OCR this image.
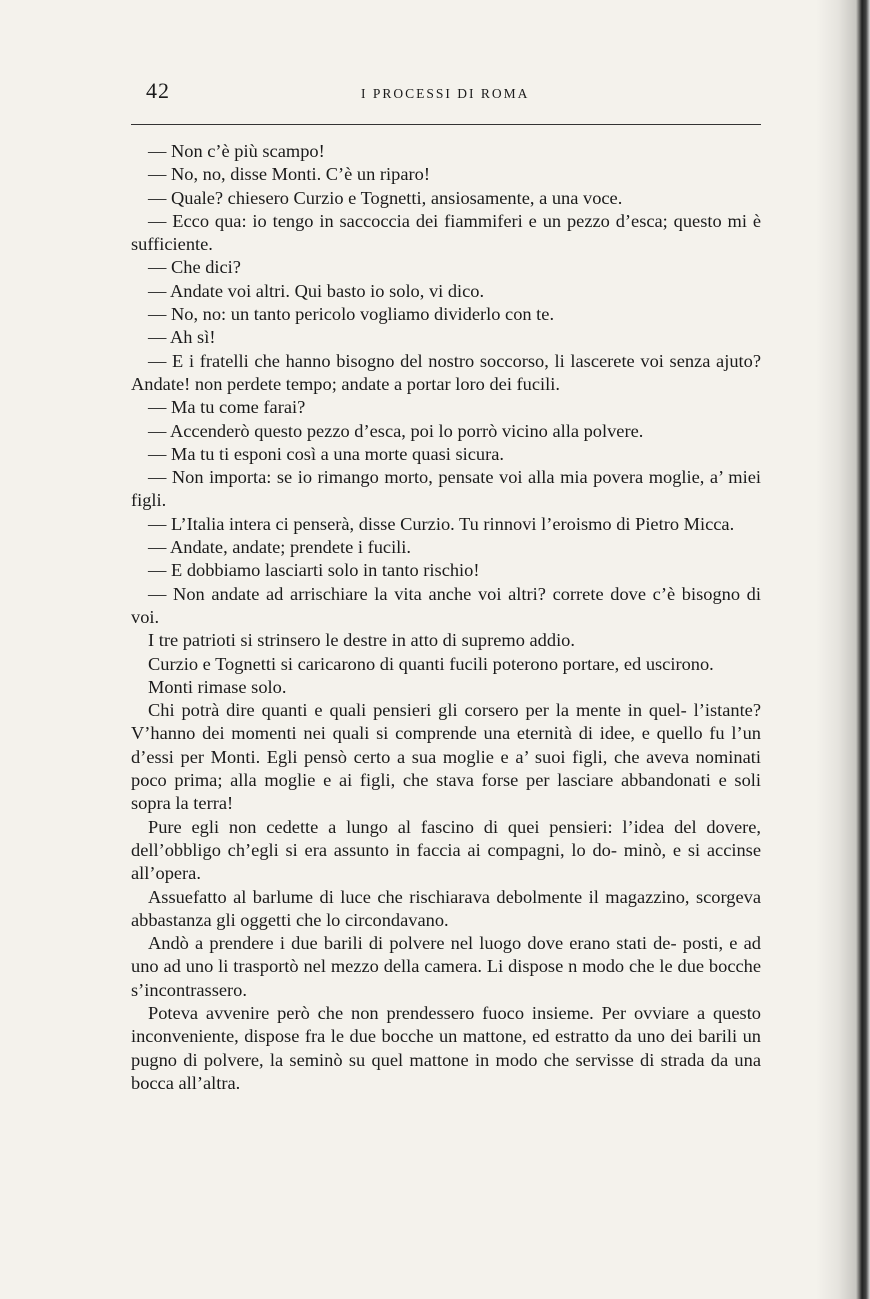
42	I PROCESSI DI ROMA

— Non c’è più scampo!

— No, no, disse Monti. C’è un riparo!

— Quale? chiesero Curzio e Tognetti, ansiosamente, a una voce.

— Ecco qua: io tengo in saccoccia dei fiammiferi e un pezzo d’esca; questo mi è sufficiente.

— Che dici?

— Andate voi altri. Qui basto io solo, vi dico.

— No, no: un tanto pericolo vogliamo dividerlo con te.

— Ah sì!

— E i fratelli che hanno bisogno del nostro soccorso, li lascerete voi senza ajuto? Andate! non perdete tempo; andate a portar loro dei fucili.

— Ma tu come farai?

— Accenderò questo pezzo d’esca, poi lo porrò vicino alla polvere.

— Ma tu ti esponi così a una morte quasi sicura.

— Non importa: se io rimango morto, pensate voi alla mia povera moglie, a’ miei figli.

— L’Italia intera ci penserà, disse Curzio. Tu rinnovi l’eroismo di Pietro Micca.

— Andate, andate; prendete i fucili.

— E dobbiamo lasciarti solo in tanto rischio!

— Non andate ad arrischiare la vita anche voi altri? correte dove c’è bisogno di voi.

I tre patrioti si strinsero le destre in atto di supremo addio.

Curzio e Tognetti si caricarono di quanti fucili poterono portare, ed uscirono.

Monti rimase solo.

Chi potrà dire quanti e quali pensieri gli corsero per la mente in quel- l’istante? V’hanno dei momenti nei quali si comprende una eternità di idee, e quello fu l’un d’essi per Monti. Egli pensò certo a sua moglie e a’ suoi figli, che aveva nominati poco prima; alla moglie e ai figli, che stava forse per lasciare abbandonati e soli sopra la terra!

Pure egli non cedette a lungo al fascino di quei pensieri: l’idea del dovere, dell’obbligo ch’egli si era assunto in faccia ai compagni, lo do- minò, e si accinse all’opera.

Assuefatto al barlume di luce che rischiarava debolmente il magazzino, scorgeva abbastanza gli oggetti che lo circondavano.

Andò a prendere i due barili di polvere nel luogo dove erano stati de- posti, e ad uno ad uno li trasportò nel mezzo della camera. Li dispose n modo che le due bocche s’incontrassero.

Poteva avvenire però che non prendessero fuoco insieme. Per ovviare a questo inconveniente, dispose fra le due bocche un mattone, ed estratto da uno dei barili un pugno di polvere, la seminò su quel mattone in modo che servisse di strada da una bocca all’altra.
